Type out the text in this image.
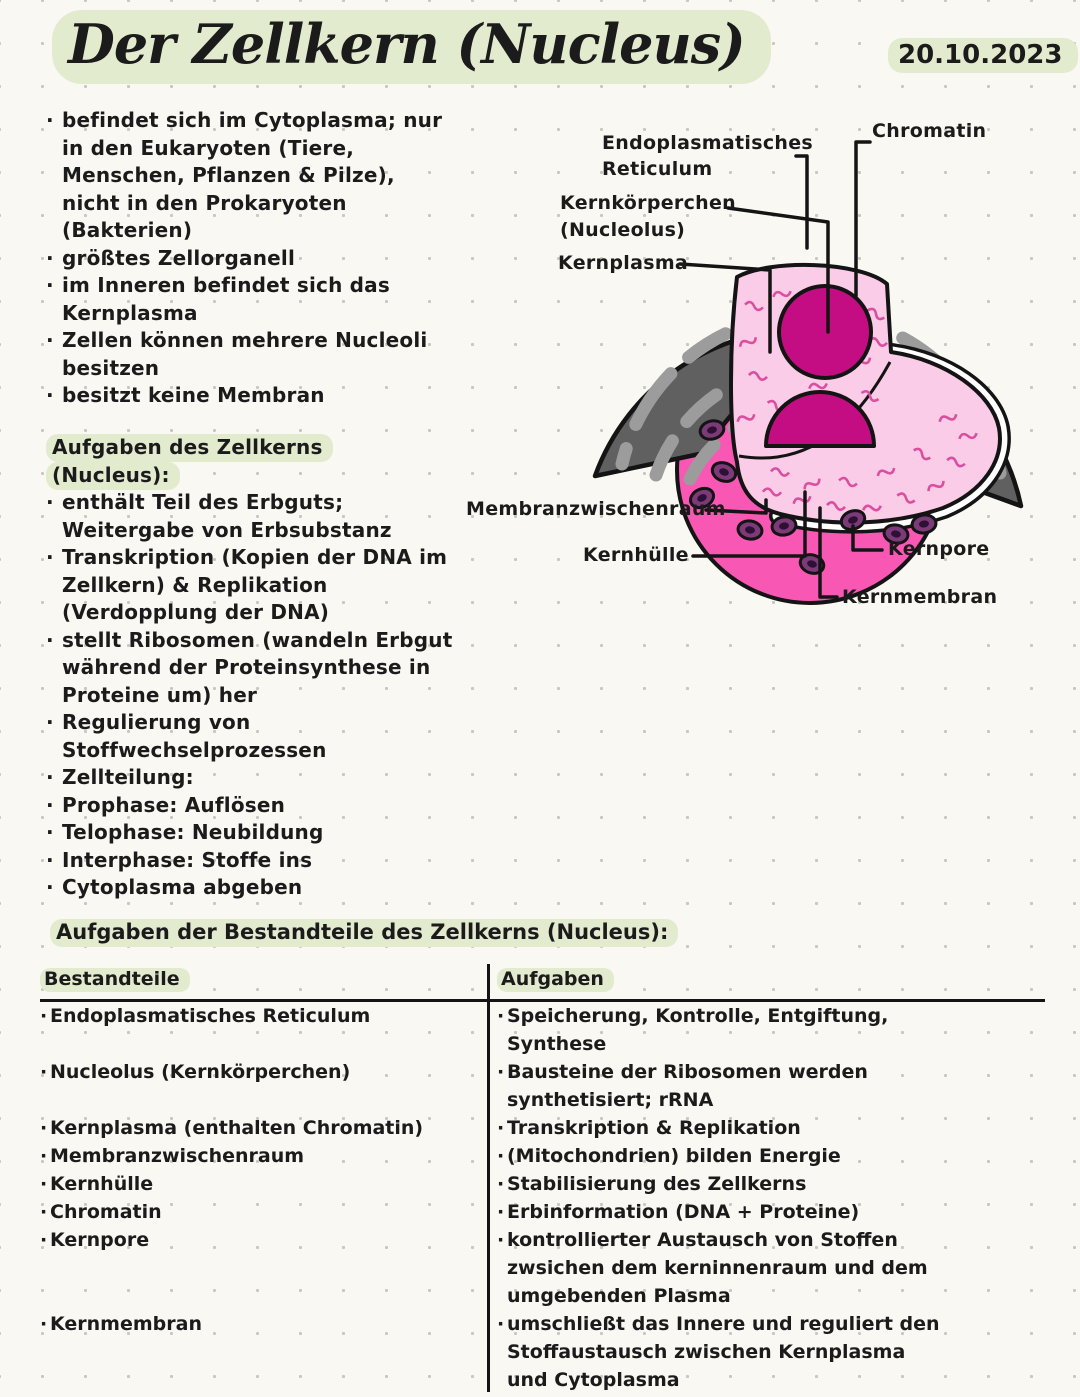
Der Zellkern (Nucleus)	20.10.2023
· befindet sich im Cytoplasma; nur
in den Eukaryoten (Tiere,
Menschen, Pflanzen & Pilze),
nicht in den Prokaryoten
(Bakterien)
· größtes Zellorganell
· im Inneren befindet sich das
Kernplasma
· Zellen können mehrere Nucleoli
besitzen
· besitzt keine Membran
Aufgaben des Zellkerns
(Nucleus):
· enthält Teil des Erbguts;
Weitergabe von Erbsubstanz
· Transkription (Kopien der DNA im
Zellkern) & Replikation
(Verdopplung der DNA)
· stellt Ribosomen (wandeln Erbgut
während der Proteinsynthese in
Proteine um) her
· Regulierung von
Stoffwechselprozessen
· Zellteilung:
· Prophase: Auflösen
· Telophase: Neubildung
· Interphase: Stoffe ins
· Cytoplasma abgeben
Aufgaben der Bestandteile des Zellkerns (Nucleus):
Bestandteile	Aufgaben
· Endoplasmatisches Reticulum	· Speicherung, Kontrolle, Entgiftung,
Synthese
· Nucleolus (Kernkörperchen)	· Bausteine der Ribosomen werden
synthetisiert; rRNA
· Kernplasma (enthalten Chromatin)	· Transkription & Replikation
· Membranzwischenraum	· (Mitochondrien) bilden Energie
· Kernhülle	· Stabilisierung des Zellkerns
· Chromatin	· Erbinformation (DNA + Proteine)
· Kernpore	· kontrollierter Austausch von Stoffen
zwsichen dem kerninnenraum und dem
umgebenden Plasma
· Kernmembran	· umschließt das Innere und reguliert den
Stoffaustausch zwischen Kernplasma
und Cytoplasma
Endoplasmatisches
Reticulum
Chromatin
Kernkörperchen
(Nucleolus)
Kernplasma
Membranzwischenraum
Kernhülle	Kernpore
Kernmembran
